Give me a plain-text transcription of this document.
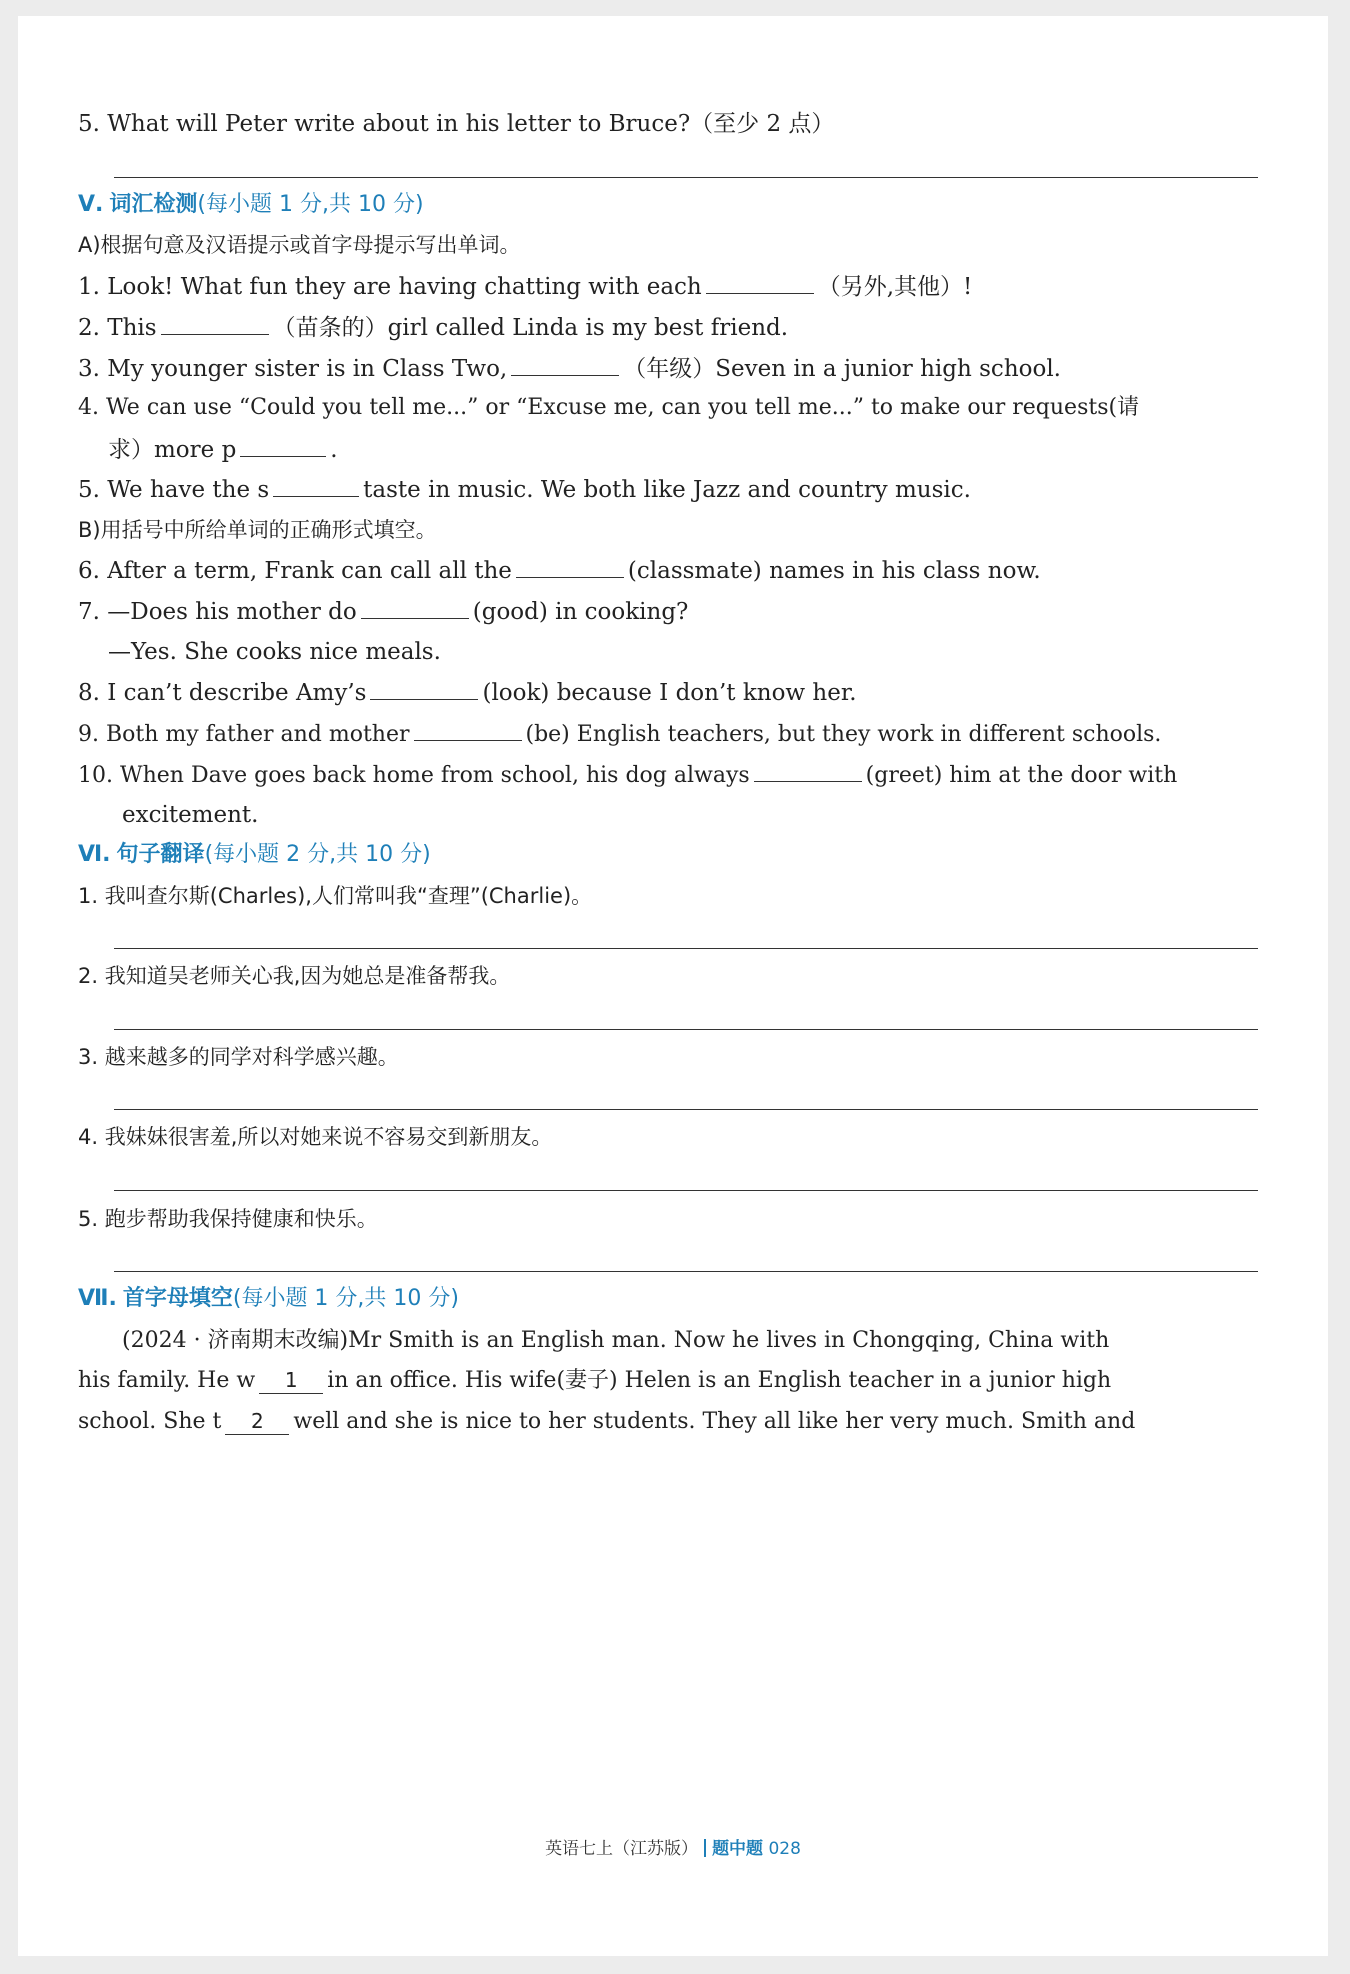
5. What will Peter write about in his letter to Bruce?（至少 2 点）
Ⅴ. 词汇检测(每小题 1 分,共 10 分)
A)根据句意及汉语提示或首字母提示写出单词。
1. Look! What fun they are having chatting with each	（另外,其他）!
2. This	（苗条的）girl called Linda is my best friend.
3. My younger sister is in Class Two,	（年级）Seven in a junior high school.
4. We can use “Could you tell me...” or “Excuse me, can you tell me...” to make our requests(请
求）more p	.
5. We have the s	taste in music. We both like Jazz and country music.
B)用括号中所给单词的正确形式填空。
6. After a term, Frank can call all the	(classmate) names in his class now.
7. —Does his mother do	(good) in cooking?
—Yes. She cooks nice meals.
8. I can’t describe Amy’s	(look) because I don’t know her.
9. Both my father and mother	(be) English teachers, but they work in different schools.
10. When Dave goes back home from school, his dog always	(greet) him at the door with
excitement.
Ⅵ. 句子翻译(每小题 2 分,共 10 分)
1. 我叫查尔斯(Charles),人们常叫我“查理”(Charlie)。
2. 我知道吴老师关心我,因为她总是准备帮我。
3. 越来越多的同学对科学感兴趣。
4. 我妹妹很害羞,所以对她来说不容易交到新朋友。
5. 跑步帮助我保持健康和快乐。
Ⅶ. 首字母填空(每小题 1 分,共 10 分)
(2024 · 济南期末改编)Mr Smith is an English man. Now he lives in Chongqing, China with
his family. He w 1 in an office. His wife(妻子) Helen is an English teacher in a junior high
school. She t 2 well and she is nice to her students. They all like her very much. Smith and
英语七上（江苏版） 题中题 028
